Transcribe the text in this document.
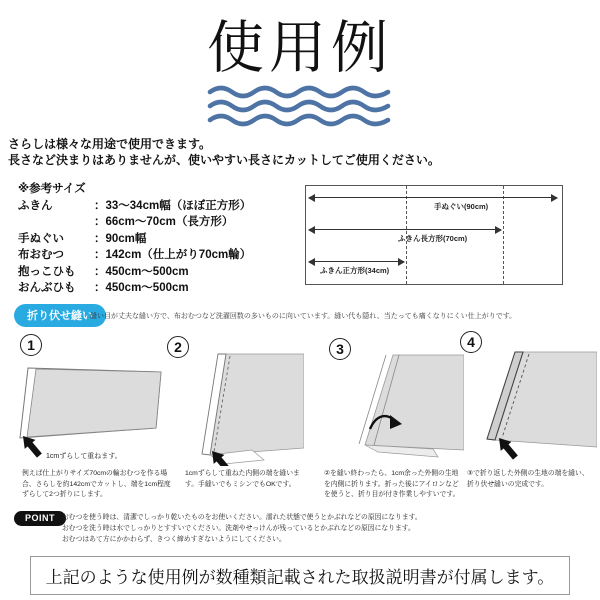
使用例
さらしは様々な用途で使用できます。
長さなど決まりはありませんが、使いやすい長さにカットしてご使用ください。
※参考サイズ
ふきん	：33〜34cm幅（ほぼ正方形）
：66cm〜70cm（長方形）
手ぬぐい	：90cm幅
布おむつ	：142cm（仕上がり70cm輪）
抱っこひも	：450cm〜500cm
おんぶひも	：450cm〜500cm
手ぬぐい(90cm)
ふきん長方形(70cm)
ふきん正方形(34cm)
折り伏せ縫い
縫い目が丈夫な縫い方で、布おむつなど洗濯回数の多いものに向いています。縫い代も隠れ、当たっても痛くなりにくい仕上がりです。
1	2	3	4
1cmずらして重ねます。
例えば仕上がりサイズ70cmの輪おむつを作る場合、さらしを約142cmでカットし、端を1cm程度ずらして2つ折りにします。
1cmずらして重ねた内側の端を縫います。手縫いでもミシンでもOKです。
②を縫い終わったら、1cm余った外側の生地を内側に折ります。折った後にアイロンなどを使うと、折り目が付き作業しやすいです。
③で折り返した外側の生地の端を縫い、折り伏せ縫いの完成です。
POINT	おむつを使う時は、清潔でしっかり乾いたものをお使いください。濡れた状態で使うとかぶれなどの原因になります。
おむつを洗う時は水でしっかりとすすいでください。洗剤やせっけんが残っているとかぶれなどの原因になります。
おむつはあて方にかかわらず、きつく締めすぎないようにしてください。
上記のような使用例が数種類記載された取扱説明書が付属します。
